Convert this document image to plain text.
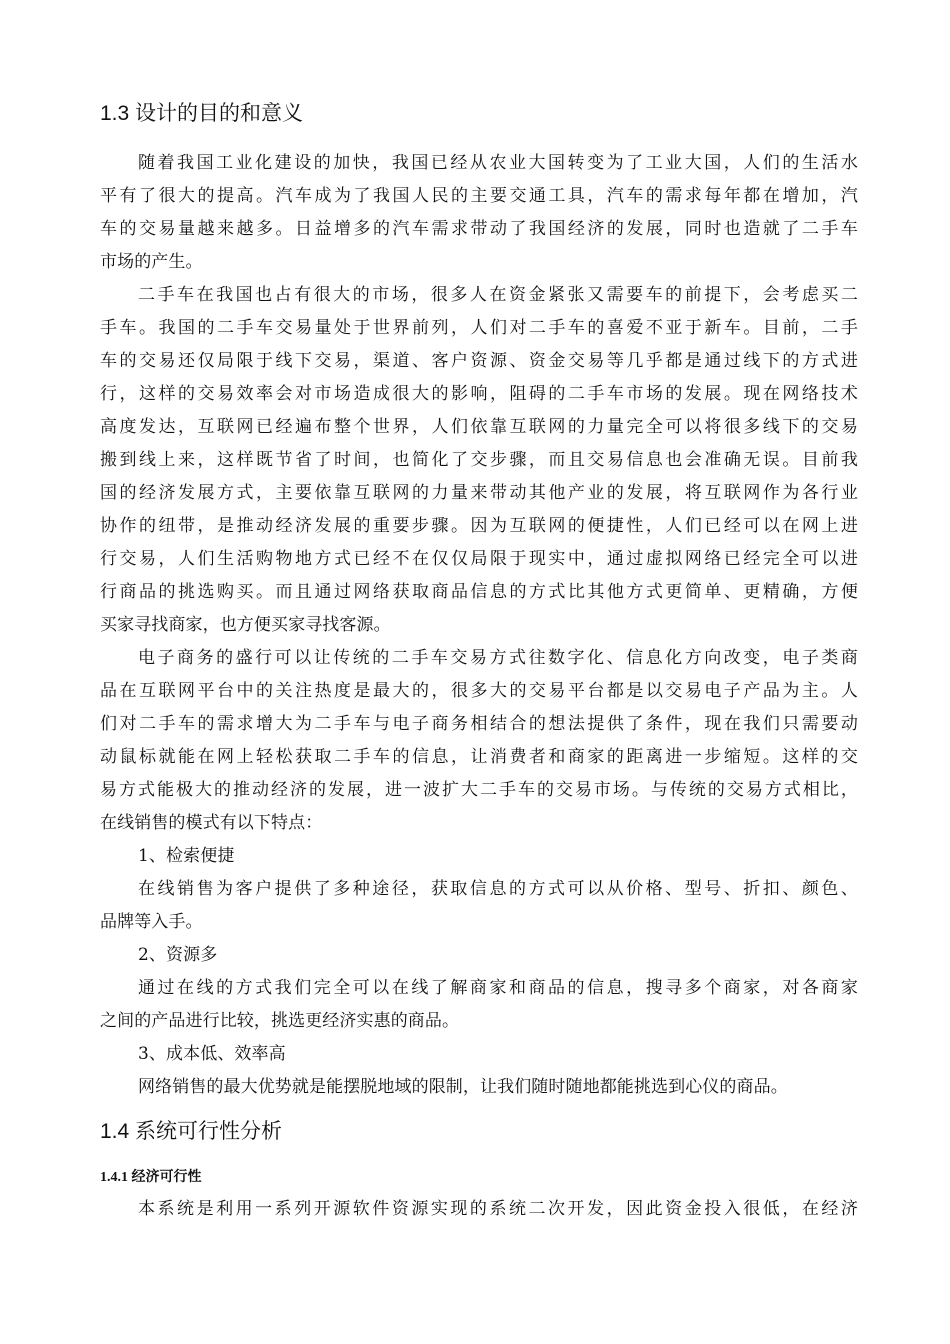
1.3 设计的目的和意义
随着我国工业化建设的加快，我国已经从农业大国转变为了工业大国，人们的生活水
平有了很大的提高。汽车成为了我国人民的主要交通工具，汽车的需求每年都在增加，汽
车的交易量越来越多。日益增多的汽车需求带动了我国经济的发展，同时也造就了二手车
市场的产生。
二手车在我国也占有很大的市场，很多人在资金紧张又需要车的前提下，会考虑买二
手车。我国的二手车交易量处于世界前列，人们对二手车的喜爱不亚于新车。目前，二手
车的交易还仅局限于线下交易，渠道、客户资源、资金交易等几乎都是通过线下的方式进
行，这样的交易效率会对市场造成很大的影响，阻碍的二手车市场的发展。现在网络技术
高度发达，互联网已经遍布整个世界，人们依靠互联网的力量完全可以将很多线下的交易
搬到线上来，这样既节省了时间，也简化了交步骤，而且交易信息也会准确无误。目前我
国的经济发展方式，主要依靠互联网的力量来带动其他产业的发展，将互联网作为各行业
协作的纽带，是推动经济发展的重要步骤。因为互联网的便捷性，人们已经可以在网上进
行交易，人们生活购物地方式已经不在仅仅局限于现实中，通过虚拟网络已经完全可以进
行商品的挑选购买。而且通过网络获取商品信息的方式比其他方式更简单、更精确，方便
买家寻找商家，也方便买家寻找客源。
电子商务的盛行可以让传统的二手车交易方式往数字化、信息化方向改变，电子类商
品在互联网平台中的关注热度是最大的，很多大的交易平台都是以交易电子产品为主。人
们对二手车的需求增大为二手车与电子商务相结合的想法提供了条件，现在我们只需要动
动鼠标就能在网上轻松获取二手车的信息，让消费者和商家的距离进一步缩短。这样的交
易方式能极大的推动经济的发展，进一波扩大二手车的交易市场。与传统的交易方式相比，
在线销售的模式有以下特点：
1、检索便捷
在线销售为客户提供了多种途径，获取信息的方式可以从价格、型号、折扣、颜色、
品牌等入手。
2、资源多
通过在线的方式我们完全可以在线了解商家和商品的信息，搜寻多个商家，对各商家
之间的产品进行比较，挑选更经济实惠的商品。
3、成本低、效率高
网络销售的最大优势就是能摆脱地域的限制，让我们随时随地都能挑选到心仪的商品。
1.4 系统可行性分析
1.4.1 经济可行性
本系统是利用一系列开源软件资源实现的系统二次开发，因此资金投入很低，在经济
